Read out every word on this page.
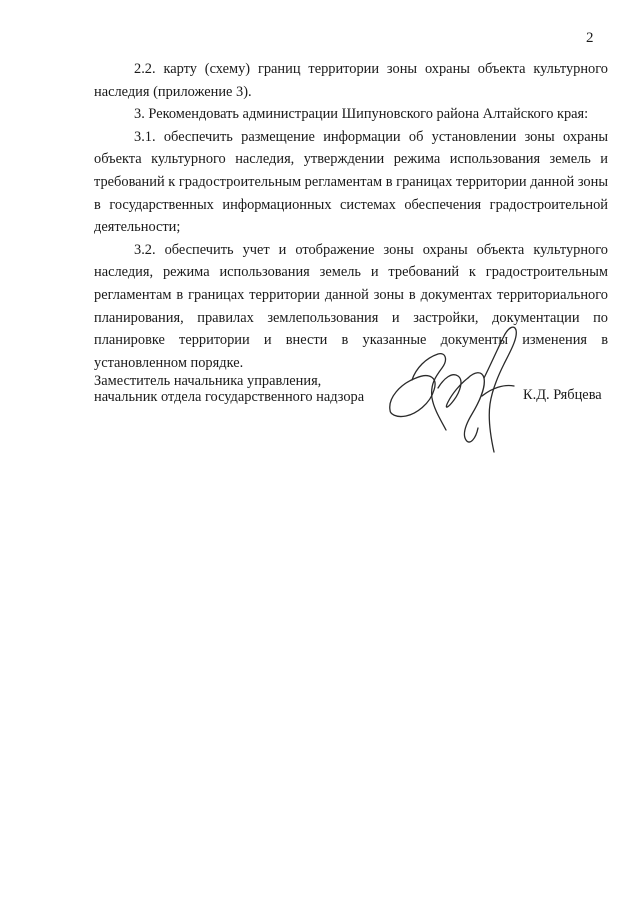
2

2.2. карту (схему) границ территории зоны охраны объекта культурного наследия (приложение 3).

3. Рекомендовать администрации Шипуновского района Алтайского края:

3.1. обеспечить размещение информации об установлении зоны охраны объекта культурного наследия, утверждении режима использования земель и требований к градостроительным регламентам в границах территории данной зоны в государственных информационных системах обеспечения градостроительной деятельности;

3.2. обеспечить учет и отображение зоны охраны объекта культурного наследия, режима использования земель и требований к градостроительным регламентам в границах территории данной зоны в документах территориального планирования, правилах землепользования и застройки, документации по планировке территории и внести в указанные документы изменения в установленном порядке.

Заместитель начальника управления,
начальник отдела государственного надзора	К.Д. Рябцева
